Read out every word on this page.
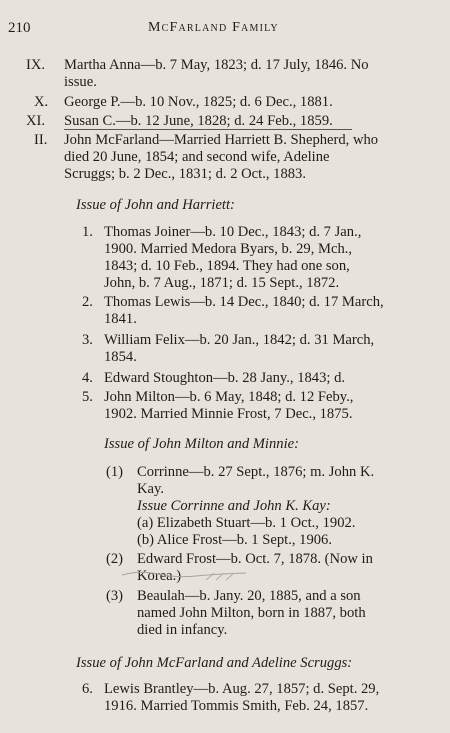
210	McFarland Family
IX. Martha Anna—b. 7 May, 1823; d. 17 July, 1846. No
issue.
X. George P.—b. 10 Nov., 1825; d. 6 Dec., 1881.
XI. Susan C.—b. 12 June, 1828; d. 24 Feb., 1859.
II. John McFarland—Married Harriett B. Shepherd, who
died 20 June, 1854; and second wife, Adeline
Scruggs; b. 2 Dec., 1831; d. 2 Oct., 1883.
Issue of John and Harriett:
1. Thomas Joiner—b. 10 Dec., 1843; d. 7 Jan.,
1900. Married Medora Byars, b. 29, Mch.,
1843; d. 10 Feb., 1894. They had one son,
John, b. 7 Aug., 1871; d. 15 Sept., 1872.
2. Thomas Lewis—b. 14 Dec., 1840; d. 17 March,
1841.
3. William Felix—b. 20 Jan., 1842; d. 31 March,
1854.
4. Edward Stoughton—b. 28 Jany., 1843; d.
5. John Milton—b. 6 May, 1848; d. 12 Feby.,
1902. Married Minnie Frost, 7 Dec., 1875.
Issue of John Milton and Minnie:
(1) Corrinne—b. 27 Sept., 1876; m. John K.
Kay.
Issue Corrinne and John K. Kay:
(a) Elizabeth Stuart—b. 1 Oct., 1902.
(b) Alice Frost—b. 1 Sept., 1906.
(2) Edward Frost—b. Oct. 7, 1878. (Now in
Korea.)
(3) Beaulah—b. Jany. 20, 1885, and a son
named John Milton, born in 1887, both
died in infancy.
Issue of John McFarland and Adeline Scruggs:
6. Lewis Brantley—b. Aug. 27, 1857; d. Sept. 29,
1916. Married Tommis Smith, Feb. 24, 1857.
